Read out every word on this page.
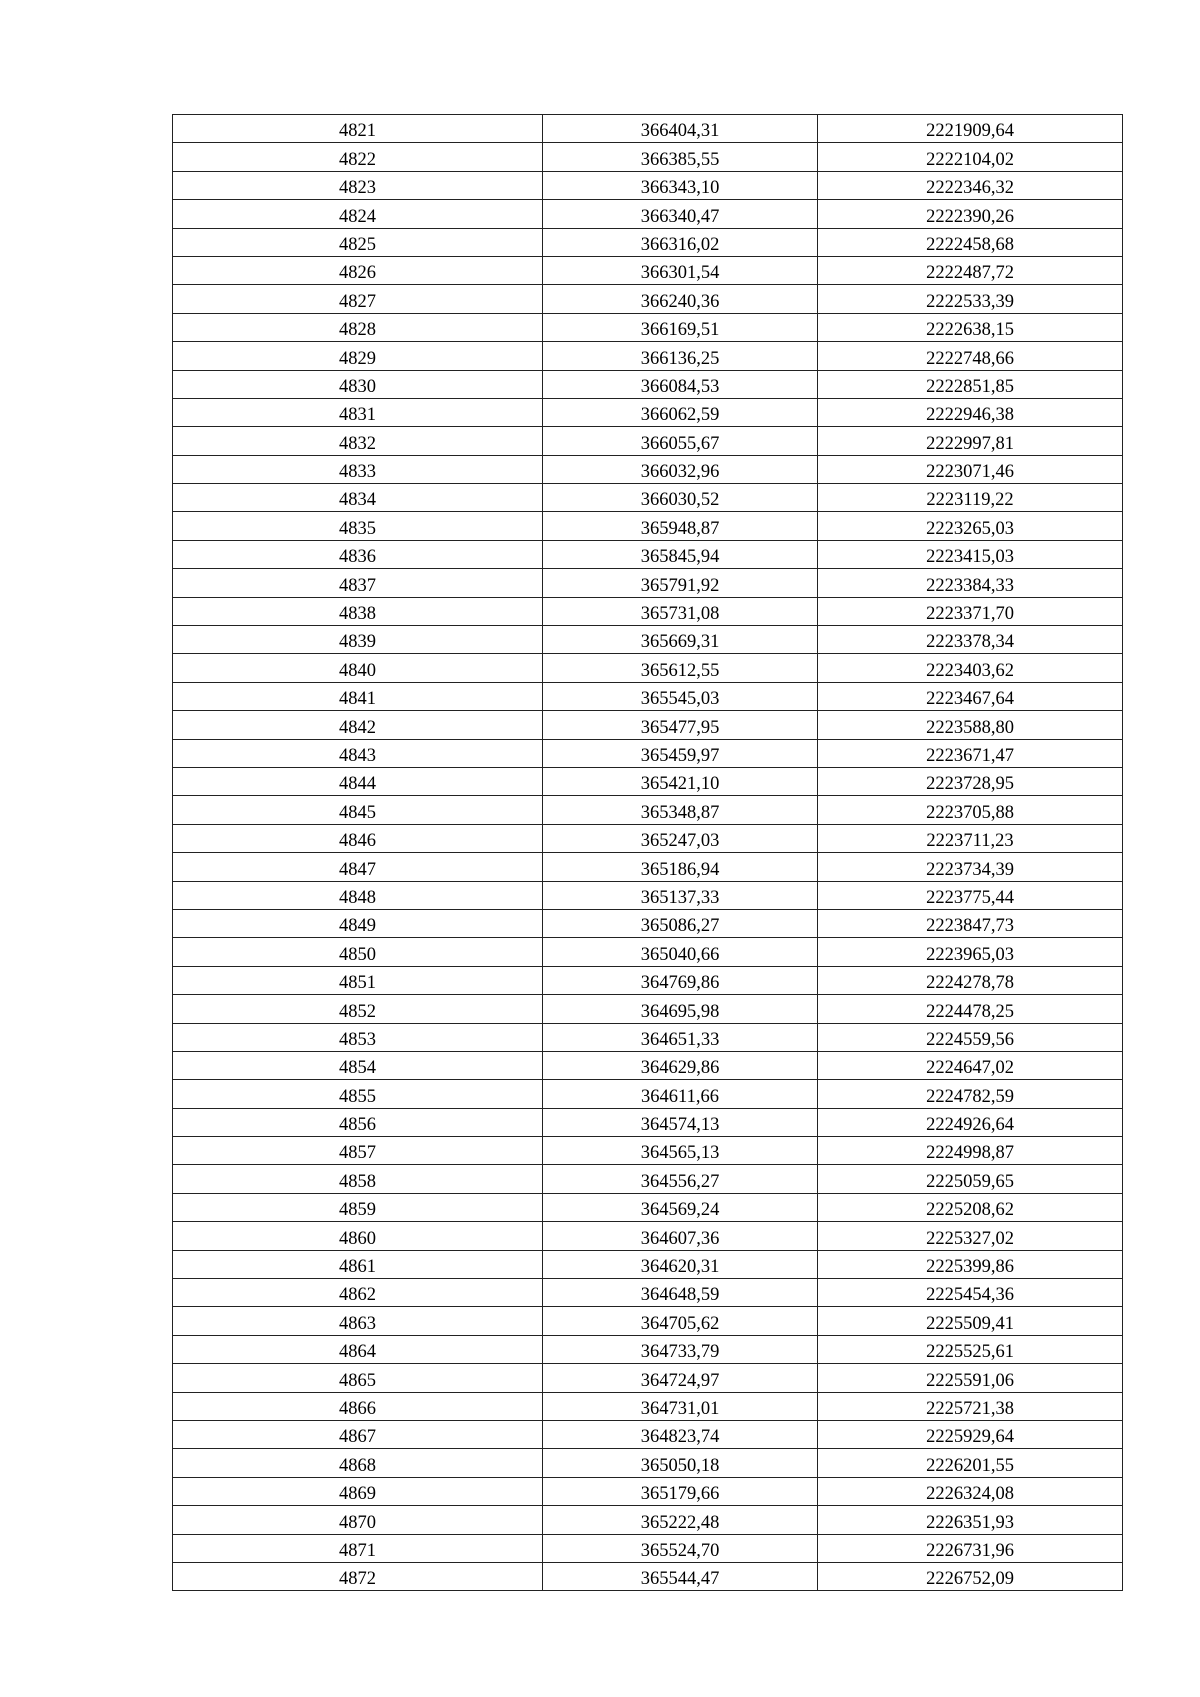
4821	366404,31	2221909,64
4822	366385,55	2222104,02
4823	366343,10	2222346,32
4824	366340,47	2222390,26
4825	366316,02	2222458,68
4826	366301,54	2222487,72
4827	366240,36	2222533,39
4828	366169,51	2222638,15
4829	366136,25	2222748,66
4830	366084,53	2222851,85
4831	366062,59	2222946,38
4832	366055,67	2222997,81
4833	366032,96	2223071,46
4834	366030,52	2223119,22
4835	365948,87	2223265,03
4836	365845,94	2223415,03
4837	365791,92	2223384,33
4838	365731,08	2223371,70
4839	365669,31	2223378,34
4840	365612,55	2223403,62
4841	365545,03	2223467,64
4842	365477,95	2223588,80
4843	365459,97	2223671,47
4844	365421,10	2223728,95
4845	365348,87	2223705,88
4846	365247,03	2223711,23
4847	365186,94	2223734,39
4848	365137,33	2223775,44
4849	365086,27	2223847,73
4850	365040,66	2223965,03
4851	364769,86	2224278,78
4852	364695,98	2224478,25
4853	364651,33	2224559,56
4854	364629,86	2224647,02
4855	364611,66	2224782,59
4856	364574,13	2224926,64
4857	364565,13	2224998,87
4858	364556,27	2225059,65
4859	364569,24	2225208,62
4860	364607,36	2225327,02
4861	364620,31	2225399,86
4862	364648,59	2225454,36
4863	364705,62	2225509,41
4864	364733,79	2225525,61
4865	364724,97	2225591,06
4866	364731,01	2225721,38
4867	364823,74	2225929,64
4868	365050,18	2226201,55
4869	365179,66	2226324,08
4870	365222,48	2226351,93
4871	365524,70	2226731,96
4872	365544,47	2226752,09
